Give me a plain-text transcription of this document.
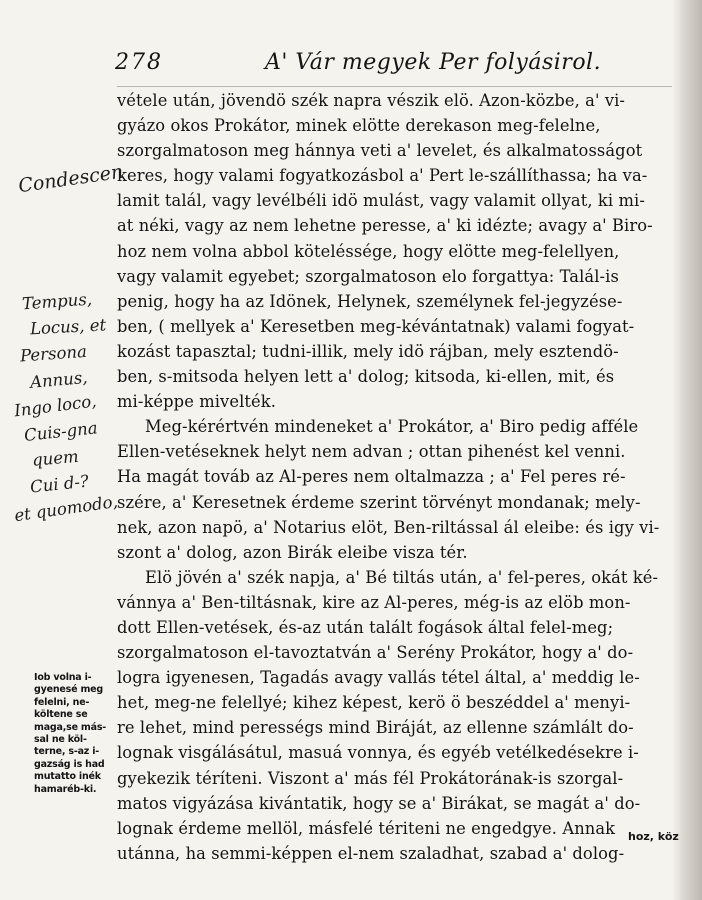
278	A' Vár megyek Per folyásirol.
vétele után, jövendö szék napra vészik elö. Azon-közbe, a' vi-
gyázo okos Prokátor, minek elötte derekason meg-felelne,
szorgalmatoson meg hánnya veti a' levelet, és alkalmatosságot
keres, hogy valami fogyatkozásbol a' Pert le-szállíthassa; ha va-
lamit talál, vagy levélbéli idö mulást, vagy valamit ollyat, ki mi-
at néki, vagy az nem lehetne peresse, a' ki idézte; avagy a' Biro-
hoz nem volna abbol köteléssége, hogy elötte meg-felellyen,
vagy valamit egyebet; szorgalmatoson elo forgattya: Talál-is
penig, hogy ha az Idönek, Helynek, személynek fel-jegyzése-
ben, ( mellyek a' Keresetben meg-kévántatnak) valami fogyat-
kozást tapasztal; tudni-illik, mely idö rájban, mely esztendö-
ben, s-mitsoda helyen lett a' dolog; kitsoda, ki-ellen, mit, és
mi-képpe mivelték.
Meg-kérértvén mindeneket a' Prokátor, a' Biro pedig afféle
Ellen-vetéseknek helyt nem advan ; ottan pihenést kel venni.
Ha magát továb az Al-peres nem oltalmazza ; a' Fel peres ré-
szére, a' Keresetnek érdeme szerint törvényt mondanak; mely-
nek, azon napö, a' Notarius elöt, Ben-riltással ál eleibe: és igy vi-
szont a' dolog, azon Birák eleibe visza tér.
Elö jövén a' szék napja, a' Bé tiltás után, a' fel-peres, okát ké-
vánnya a' Ben-tiltásnak, kire az Al-peres, még-is az elöb mon-
dott Ellen-vetések, és-az után talált fogások által felel-meg;
szorgalmatoson el-tavoztatván a' Serény Prokátor, hogy a' do-
logra igyenesen, Tagadás avagy vallás tétel által, a' meddig le-
het, meg-ne felellyé; kihez képest, kerö ö beszéddel a' menyi-
re lehet, mind perességs mind Biráját, az ellenne számlált do-
lognak visgálásátul, masuá vonnya, és egyéb vetélkedésekre i-
gyekezik téríteni. Viszont a' más fél Prokátorának-is szorgal-
matos vigyázása kivántatik, hogy se a' Birákat, se magát a' do-
lognak érdeme mellöl, másfelé tériteni ne engedgye. Annak
utánna, ha semmi-képpen el-nem szaladhat, szabad a' dolog-
Condescen
Tempus,
Locus, et
Persona
Annus,
Ingo loco,
Cuis-gna
quem
Cui d-?
et quomodo,
Iob volna i-
gyenesé meg
felelni, ne-
költene se
maga,se más-
sal ne köl-
terne, s-az i-
gazság is had
mutatto inék
hamaréb-ki.
hoz, köz
